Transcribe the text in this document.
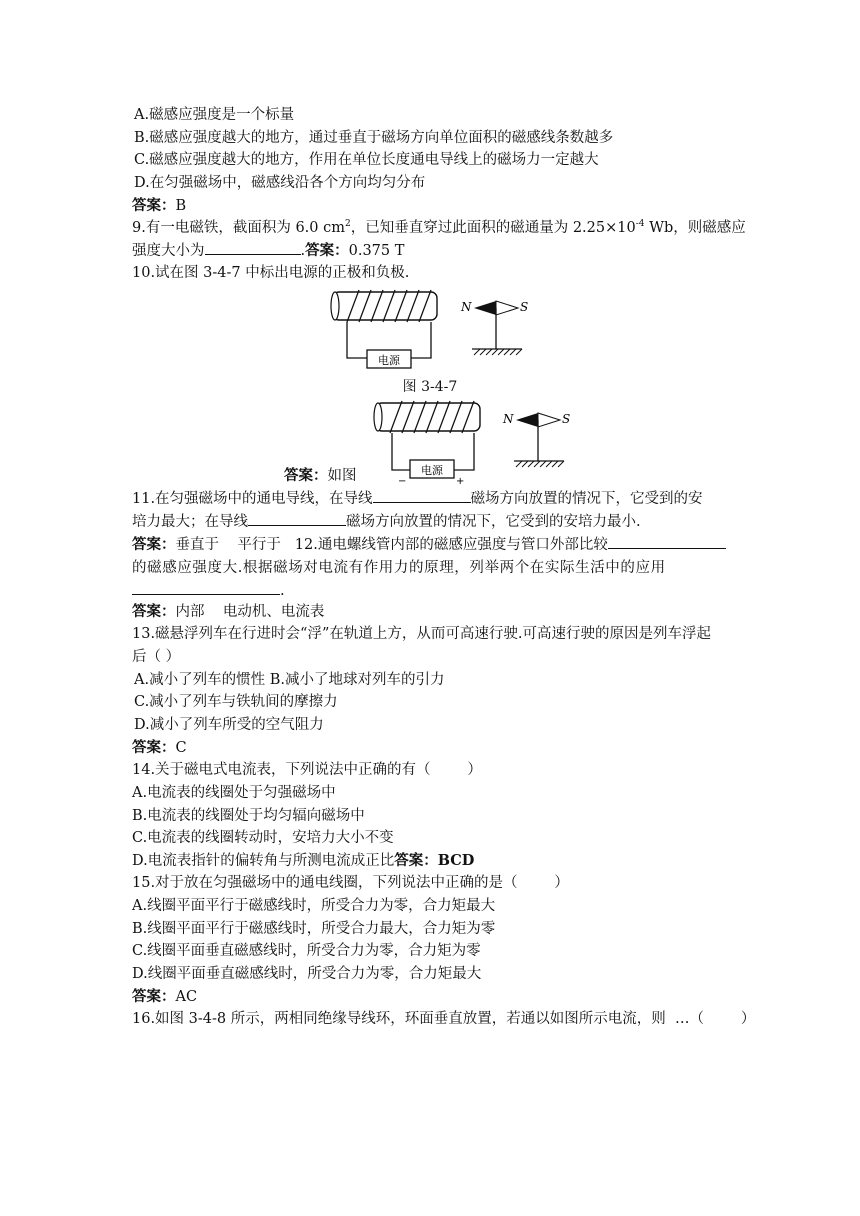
A.磁感应强度是一个标量
B.磁感应强度越大的地方，通过垂直于磁场方向单位面积的磁感线条数越多
C.磁感应强度越大的地方，作用在单位长度通电导线上的磁场力一定越大
D.在匀强磁场中，磁感线沿各个方向均匀分布
答案：B
9.有一电磁铁，截面积为 6.0 $cm^2$，已知垂直穿过此面积的磁通量为 $2.25\times 10^{-4}$ Wb，则磁感应
强度大小为	.答案：0.375 T
10.试在图 3-4-7 中标出电源的正极和负极.
电源
N	S
图 3-4-7
电源
−	+
N	S
答案：如图
11.在匀强磁场中的通电导线，在导线	磁场方向放置的情况下，它受到的安
培力最大；在导线	磁场方向放置的情况下，它受到的安培力最小.
答案：垂直于    平行于 12.通电螺线管内部的磁感应强度与管口外部比较
的磁感应强度大.根据磁场对电流有作用力的原理，列举两个在实际生活中的应用
.
答案：内部    电动机、电流表
13.磁悬浮列车在行进时会“浮”在轨道上方，从而可高速行驶.可高速行驶的原因是列车浮起
后（ ）
A.减小了列车的惯性 B.减小了地球对列车的引力
C.减小了列车与铁轨间的摩擦力
D.减小了列车所受的空气阻力
答案：C
14.关于磁电式电流表，下列说法中正确的有（        ）
A.电流表的线圈处于匀强磁场中
B.电流表的线圈处于均匀辐向磁场中
C.电流表的线圈转动时，安培力大小不变
D.电流表指针的偏转角与所测电流成正比答案：BCD
15.对于放在匀强磁场中的通电线圈，下列说法中正确的是（        ）
A.线圈平面平行于磁感线时，所受合力为零，合力矩最大
B.线圈平面平行于磁感线时，所受合力最大，合力矩为零
C.线圈平面垂直磁感线时，所受合力为零，合力矩为零
D.线圈平面垂直磁感线时，所受合力为零，合力矩最大
答案：AC
16.如图 3-4-8 所示，两相同绝缘导线环，环面垂直放置，若通以如图所示电流，则  …（        ）
